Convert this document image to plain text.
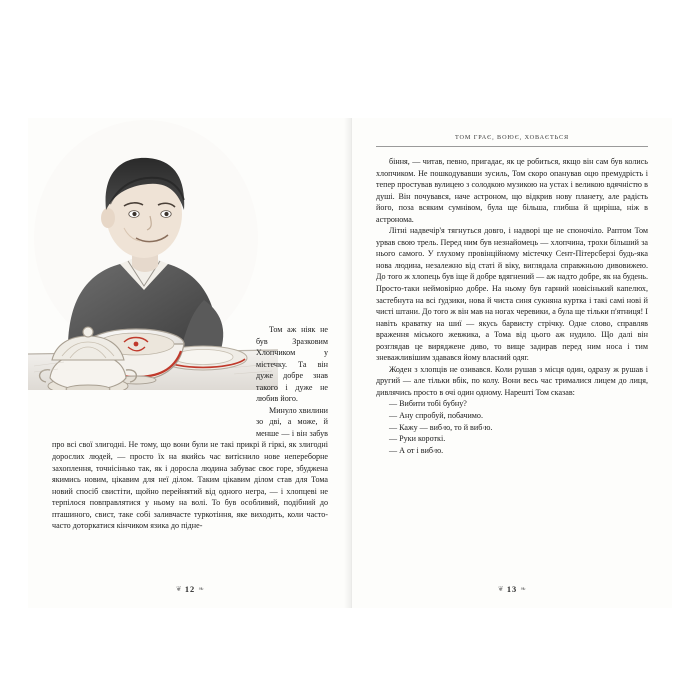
Том аж ніяк не був Зразковим Хлопчиком у містечку. Та він дуже добре знав такого і дуже не любив його.

Минуло хвилини зо дві, а може, й менше — і він забув про всі свої злигодні. Не тому, що вони були не такі прикрі й гіркі, як злигодні дорослих людей, — просто їх на якийсь час витіснило нове непереборне захоплення, точнісінько так, як і доросла людина забуває своє горе, збуджена якимись новим, цікавим для неї ділом. Таким цікавим ділом став для Тома новий спосіб свистіти, щойно перейнятий від одного негра, — і хлопцеві не терпілося повправлятися у ньому на волі. То був особливий, подібний до пташиного, свист, таке собі заливчасте туркотіння, яке виходить, коли часто-часто доторкатися кінчиком язика до підне-

❦ 12 ❧
ТОМ ГРАЄ, ВОЮЄ, ХОВАЄТЬСЯ

біння, — читав, певно, пригадає, як це робиться, якщо він сам був колись хлопчиком. Не пошкодувавши зусиль, Том скоро опанував оцю премудрість і тепер простував вулицею з солодкою музикою на устах і великою вдячністю в душі. Він почувався, наче астроном, що відкрив нову планету, але радість його, поза всяким сумнівом, була ще більша, глибша й щиріша, ніж в астронома.

Літні надвечір'я тягнуться довго, і надворі ще не споночіло. Раптом Том урвав свою трель. Перед ним був незнайомець — хлопчина, трохи більший за нього самого. У глухому провінційному містечку Сент-Пітерсберзі будь-яка нова людина, незалежно від статі й віку, виглядала справжньою дивовижею. До того ж хлопець був іще й добре вдягнений — аж надто добре, як на будень. Просто-таки неймовірно добре. На ньому був гарний новісінький капелюх, застебнута на всі ґудзики, нова й чиста синя сукняна куртка і такі самі нові й чисті штани. До того ж він мав на ногах черевики, а була ще тільки п'ятниця! І навіть краватку на шиї — якусь барвисту стрічку. Одне слово, справляв враження міського жевжика, а Тома від цього аж нудило. Що далі він розглядав це виряджене диво, то вище задирав перед ним носа і тим зневажливішим здавався йому власний одяг.

Жоден з хлопців не озивався. Коли рушав з місця один, одразу ж рушав і другий — але тільки вбік, по колу. Вони весь час трималися лицем до лиця, дивлячись просто в очі один одному. Нарешті Том сказав:

— Вибити тобі бубну?

— Ану спробуй, побачимо.

— Кажу — вибۥю, то й вибۥю.

— Руки короткі.

— А от і вибۥю.

❦ 13 ❧
